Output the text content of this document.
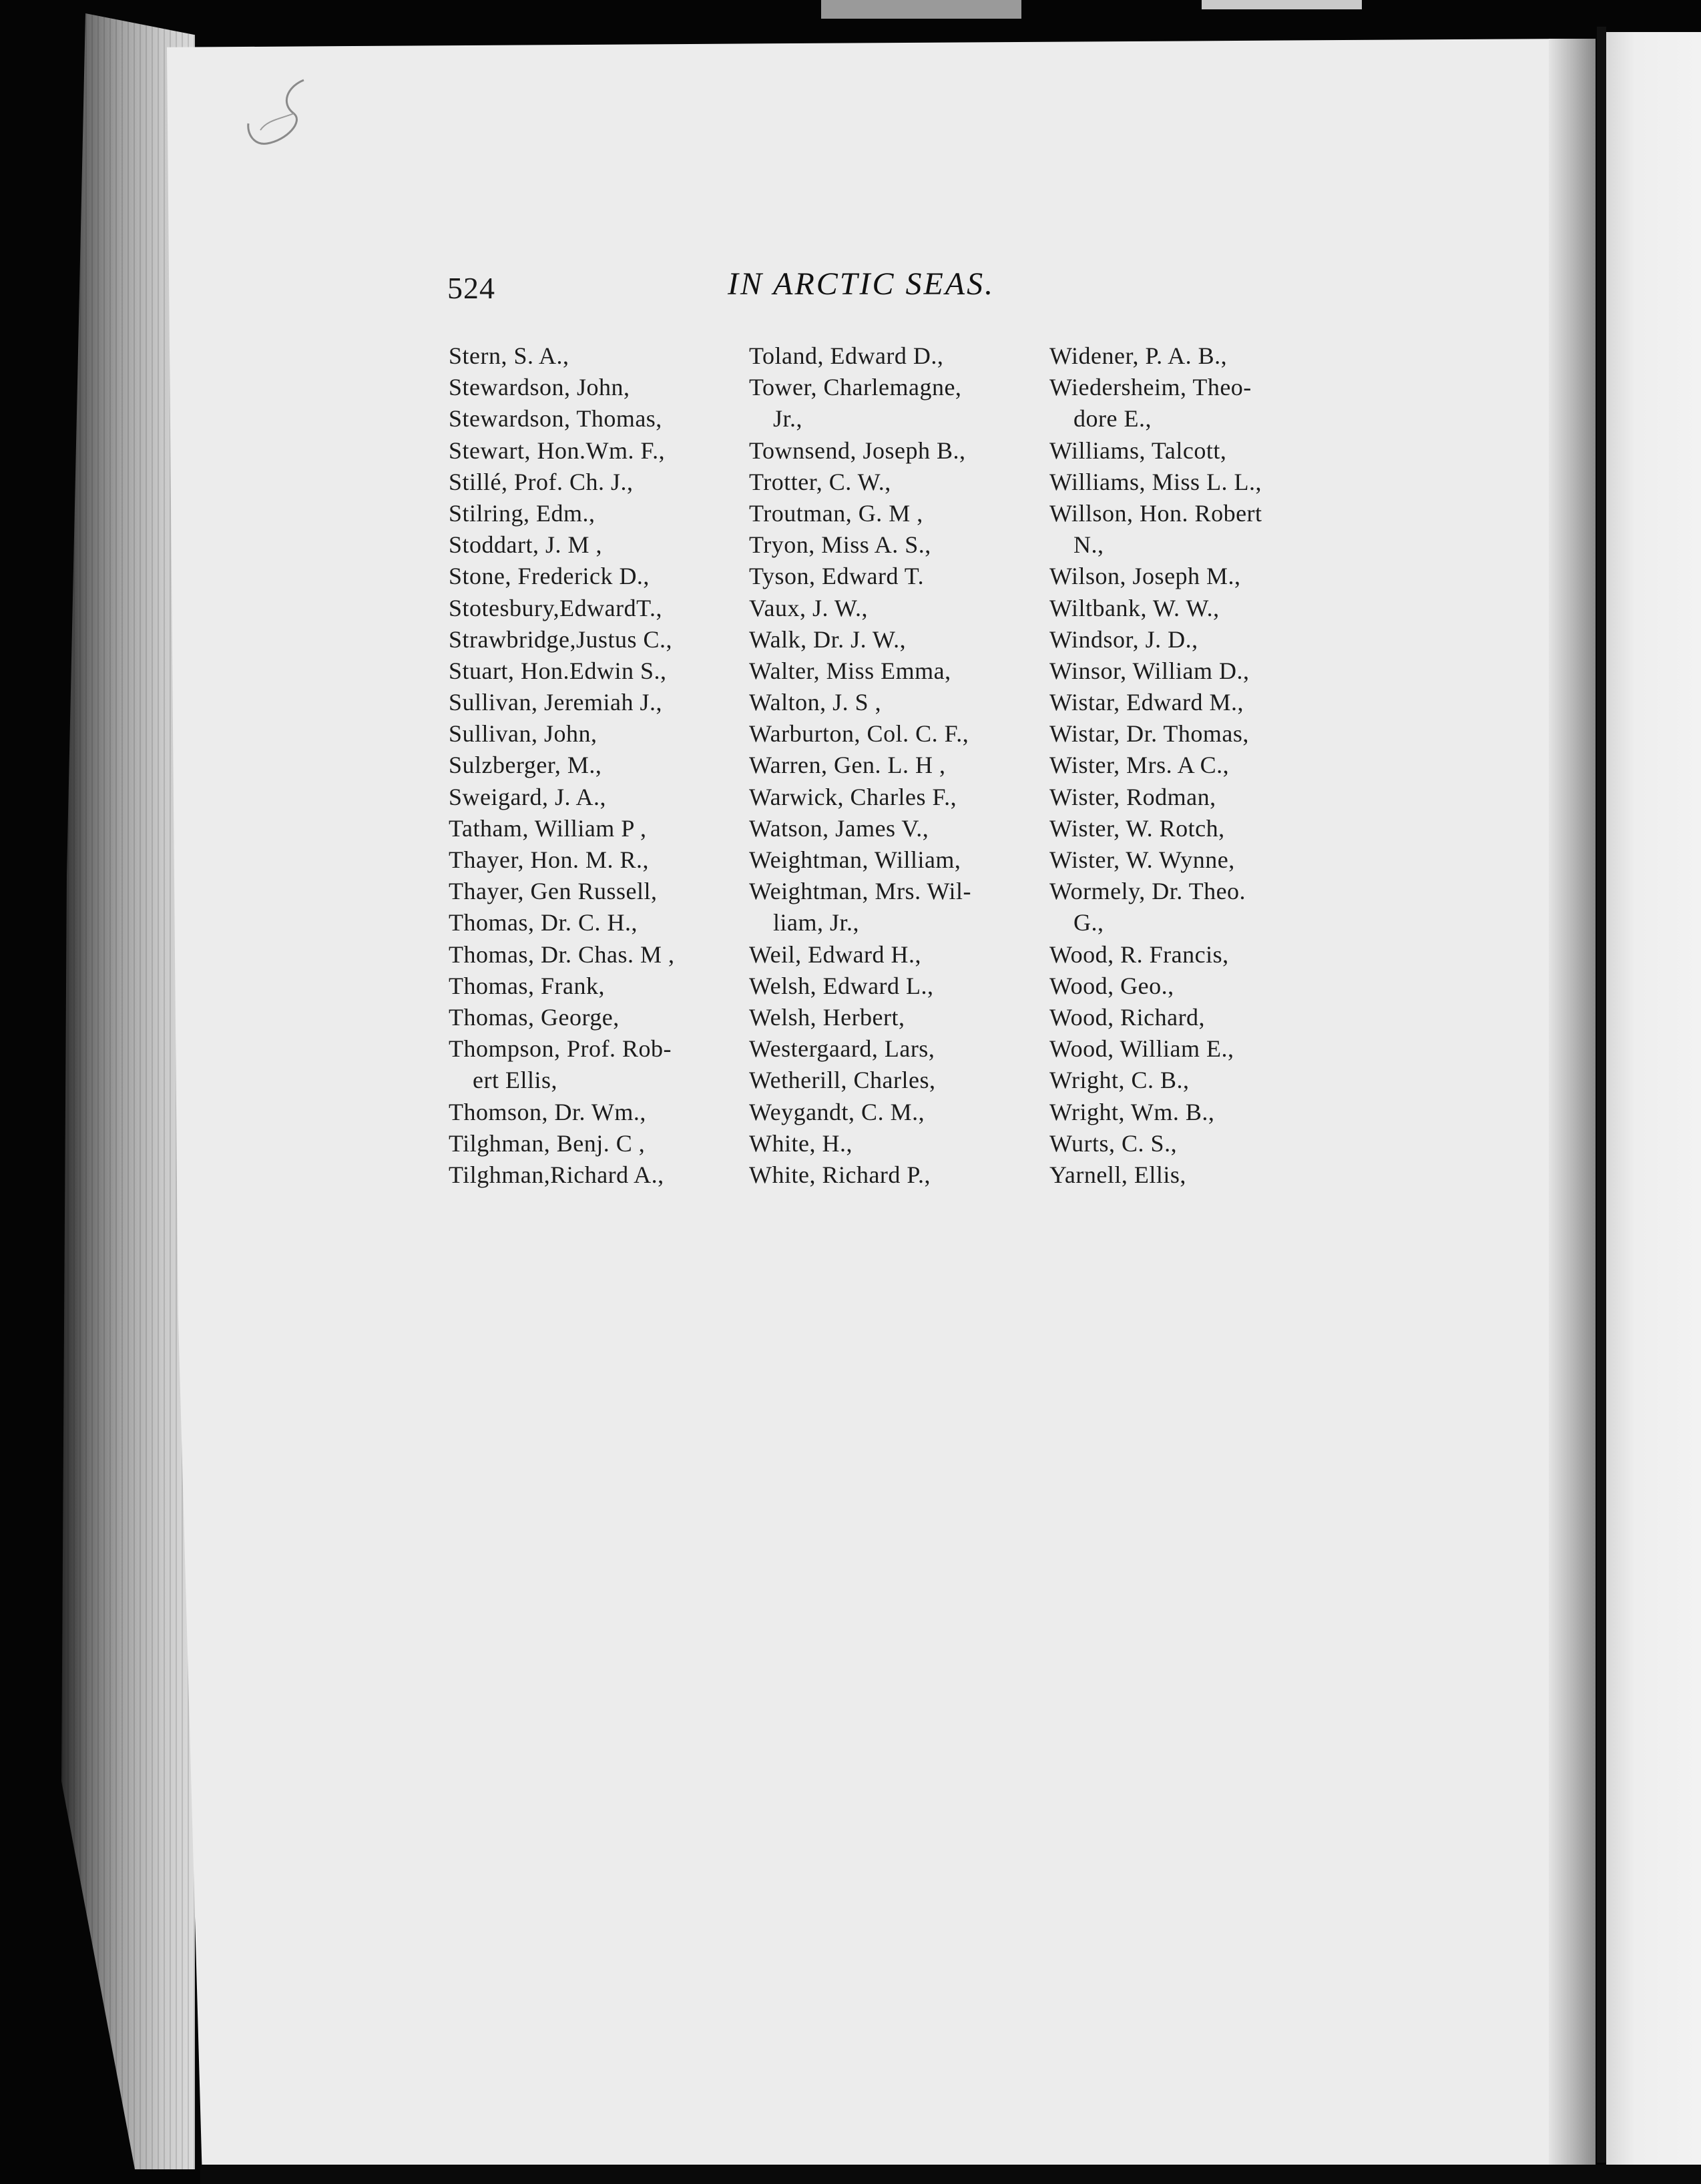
524	IN ARCTIC SEAS.
Stern, S. A.,
Stewardson, John,
Stewardson, Thomas,
Stewart, Hon.Wm. F.,
Stillé, Prof. Ch. J.,
Stilring, Edm.,
Stoddart, J. M ,
Stone, Frederick D.,
Stotesbury,EdwardT.,
Strawbridge,Justus C.,
Stuart, Hon.Edwin S.,
Sullivan, Jeremiah J.,
Sullivan, John,
Sulzberger, M.,
Sweigard, J. A.,
Tatham, William P ,
Thayer, Hon. M. R.,
Thayer, Gen Russell,
Thomas, Dr. C. H.,
Thomas, Dr. Chas. M ,
Thomas, Frank,
Thomas, George,
Thompson, Prof. Rob-
ert Ellis,
Thomson, Dr. Wm.,
Tilghman, Benj. C ,
Tilghman,Richard A.,
Toland, Edward D.,
Tower, Charlemagne,
Jr.,
Townsend, Joseph B.,
Trotter, C. W.,
Troutman, G. M ,
Tryon, Miss A. S.,
Tyson, Edward T.
Vaux, J. W.,
Walk, Dr. J. W.,
Walter, Miss Emma,
Walton, J. S ,
Warburton, Col. C. F.,
Warren, Gen. L. H ,
Warwick, Charles F.,
Watson, James V.,
Weightman, William,
Weightman, Mrs. Wil-
liam, Jr.,
Weil, Edward H.,
Welsh, Edward L.,
Welsh, Herbert,
Westergaard, Lars,
Wetherill, Charles,
Weygandt, C. M.,
White, H.,
White, Richard P.,
Widener, P. A. B.,
Wiedersheim, Theo-
dore E.,
Williams, Talcott,
Williams, Miss L. L.,
Willson, Hon. Robert
N.,
Wilson, Joseph M.,
Wiltbank, W. W.,
Windsor, J. D.,
Winsor, William D.,
Wistar, Edward M.,
Wistar, Dr. Thomas,
Wister, Mrs. A C.,
Wister, Rodman,
Wister, W. Rotch,
Wister, W. Wynne,
Wormely, Dr. Theo.
G.,
Wood, R. Francis,
Wood, Geo.,
Wood, Richard,
Wood, William E.,
Wright, C. B.,
Wright, Wm. B.,
Wurts, C. S.,
Yarnell, Ellis,
